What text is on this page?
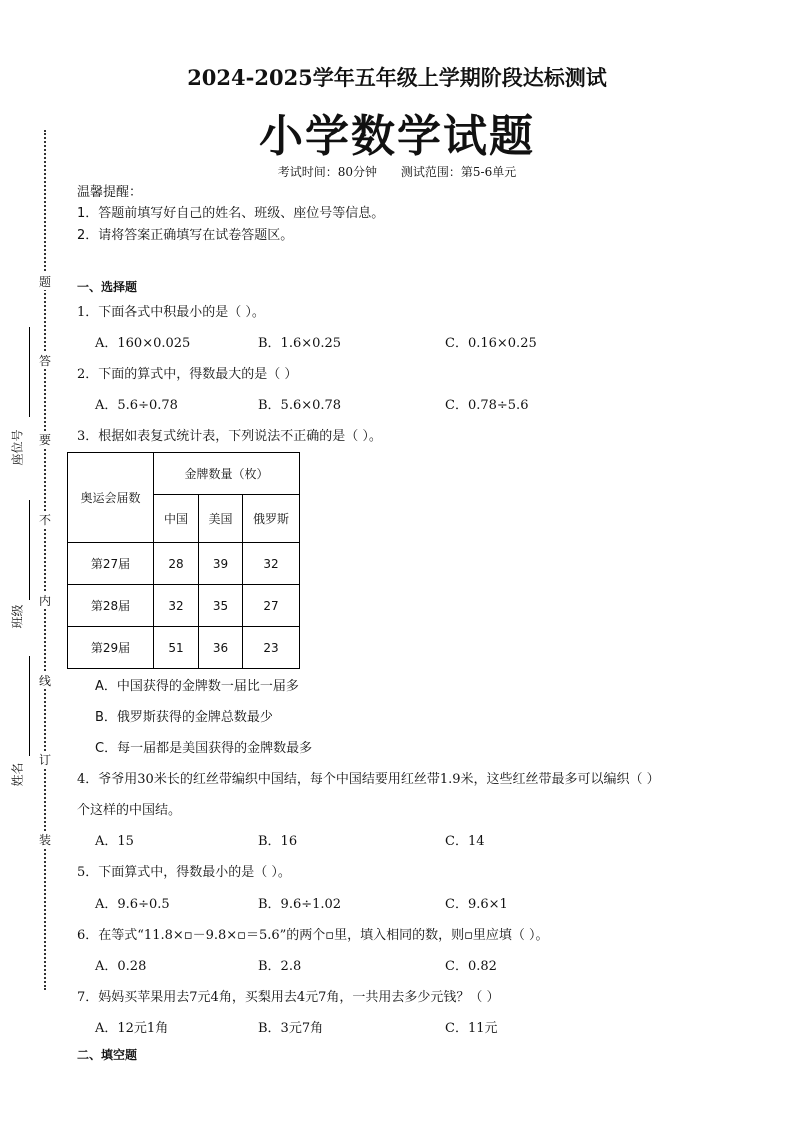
2024-2025学年五年级上学期阶段达标测试
小学数学试题
考试时间：80分钟 测试范围：第5-6单元
题
答
要
不
内
线
订
装
座位号
班级
姓名
温馨提醒：
1．答题前填写好自己的姓名、班级、座位号等信息。
2．请将答案正确填写在试卷答题区。
一、选择题
1．下面各式中积最小的是（ ）。
A．160×0.025	B．1.6×0.25	C．0.16×0.25
2．下面的算式中，得数最大的是（ ）
A．5.6÷0.78	B．5.6×0.78	C．0.78÷5.6
3．根据如表复式统计表，下列说法不正确的是（ ）。
奥运会届数	金牌数量（枚）		
	中国	美国	俄罗斯
第27届	28	39	32
第28届	32	35	27
第29届	51	36	23
A．中国获得的金牌数一届比一届多
B．俄罗斯获得的金牌总数最少
C．每一届都是美国获得的金牌数最多
4．爷爷用30米长的红丝带编织中国结，每个中国结要用红丝带1.9米，这些红丝带最多可以编织（ ）
个这样的中国结。
A．15	B．16	C．14
5．下面算式中，得数最小的是（ ）。
A．9.6÷0.5	B．9.6÷1.02	C．9.6×1
6．在等式“11.8×▫－9.8×▫＝5.6”的两个▫里，填入相同的数，则▫里应填（ ）。
A．0.28	B．2.8	C．0.82
7．妈妈买苹果用去7元4角，买梨用去4元7角，一共用去多少元钱？（ ）
A．12元1角	B．3元7角	C．11元
二、填空题
